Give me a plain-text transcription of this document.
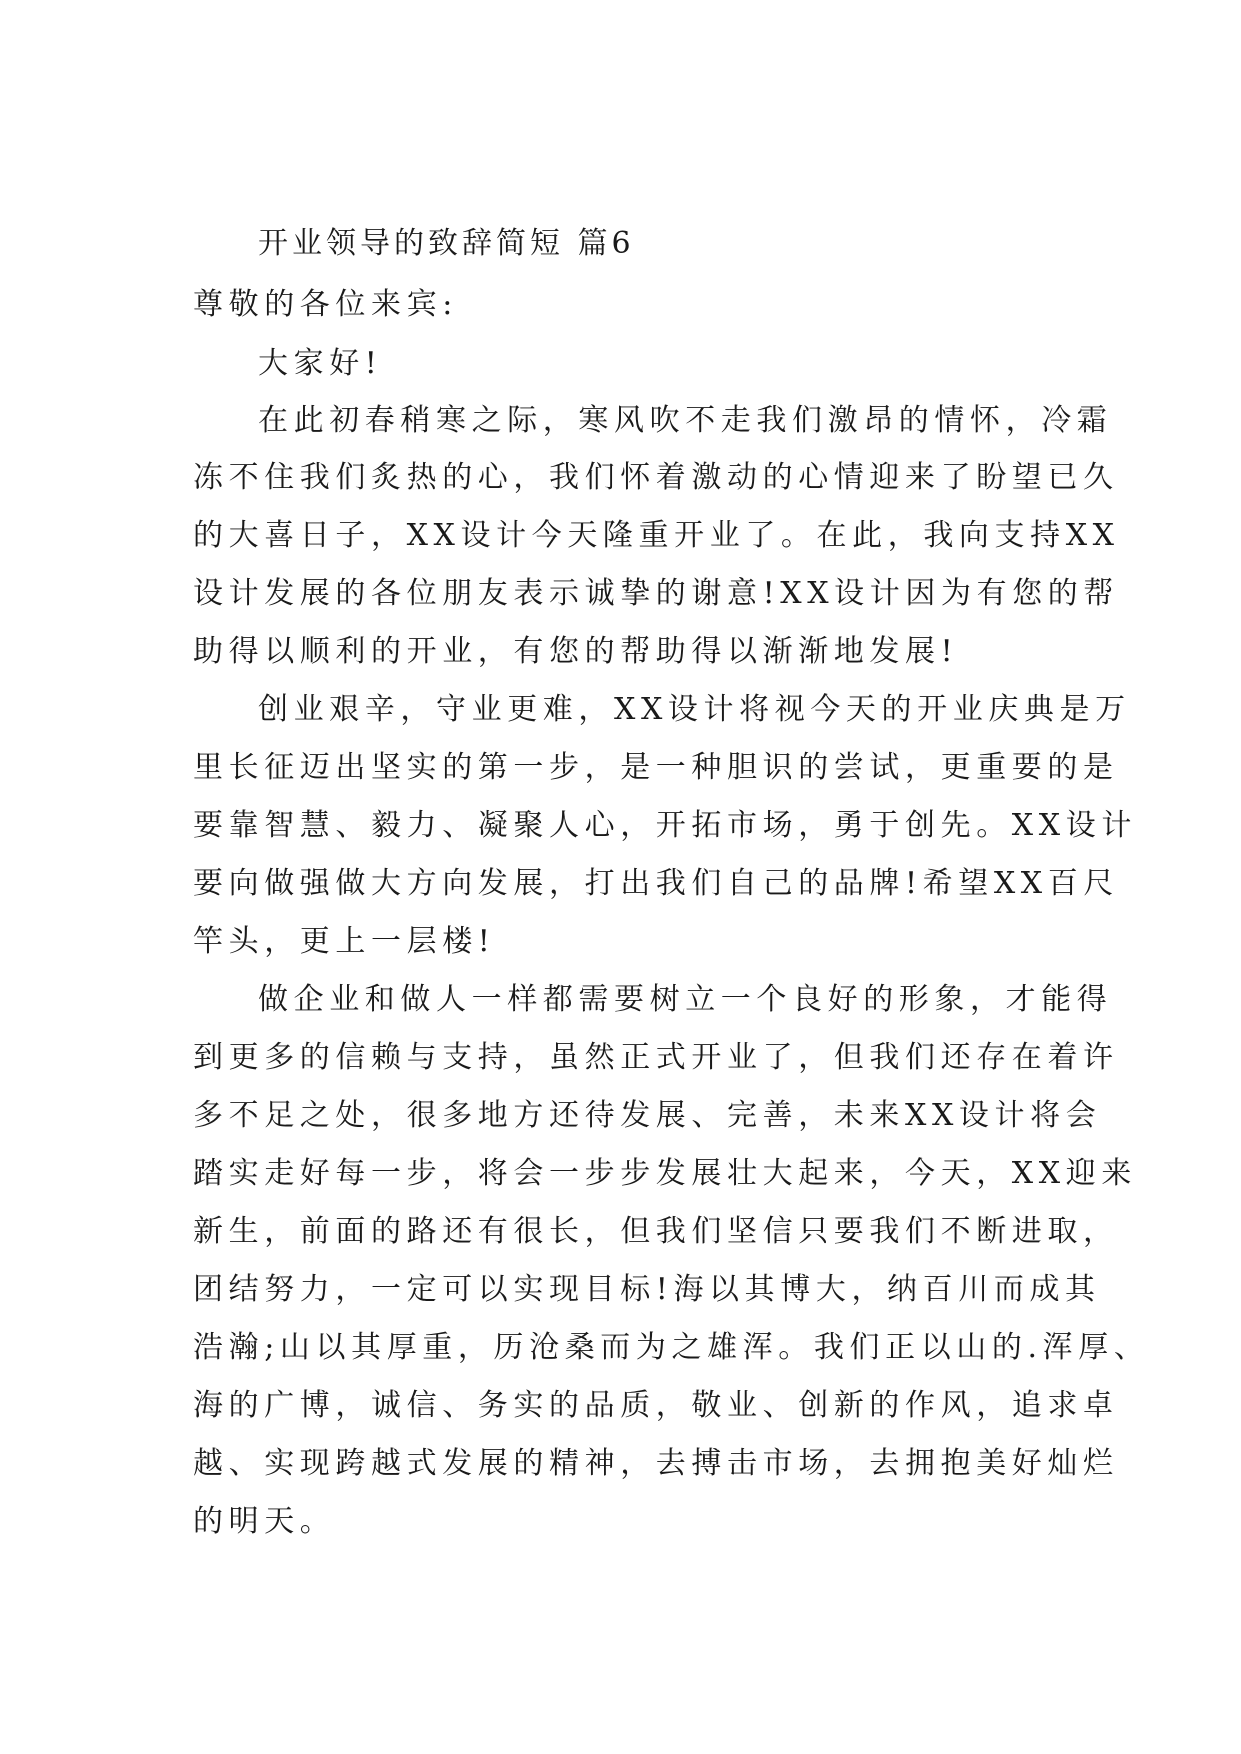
开业领导的致辞简短 篇6
尊敬的各位来宾:
大家好!
在此初春稍寒之际，寒风吹不走我们激昂的情怀，冷霜
冻不住我们炙热的心，我们怀着激动的心情迎来了盼望已久
的大喜日子，XX设计今天隆重开业了。在此，我向支持XX
设计发展的各位朋友表示诚挚的谢意!XX设计因为有您的帮
助得以顺利的开业，有您的帮助得以渐渐地发展!
创业艰辛，守业更难，XX设计将视今天的开业庆典是万
里长征迈出坚实的第一步，是一种胆识的尝试，更重要的是
要靠智慧、毅力、凝聚人心，开拓市场，勇于创先。XX设计
要向做强做大方向发展，打出我们自己的品牌!希望XX百尺
竿头，更上一层楼!
做企业和做人一样都需要树立一个良好的形象，才能得
到更多的信赖与支持，虽然正式开业了，但我们还存在着许
多不足之处，很多地方还待发展、完善，未来XX设计将会
踏实走好每一步，将会一步步发展壮大起来，今天，XX迎来
新生，前面的路还有很长，但我们坚信只要我们不断进取，
团结努力，一定可以实现目标!海以其博大，纳百川而成其
浩瀚;山以其厚重，历沧桑而为之雄浑。我们正以山的.浑厚、
海的广博，诚信、务实的品质，敬业、创新的作风，追求卓
越、实现跨越式发展的精神，去搏击市场，去拥抱美好灿烂
的明天。
